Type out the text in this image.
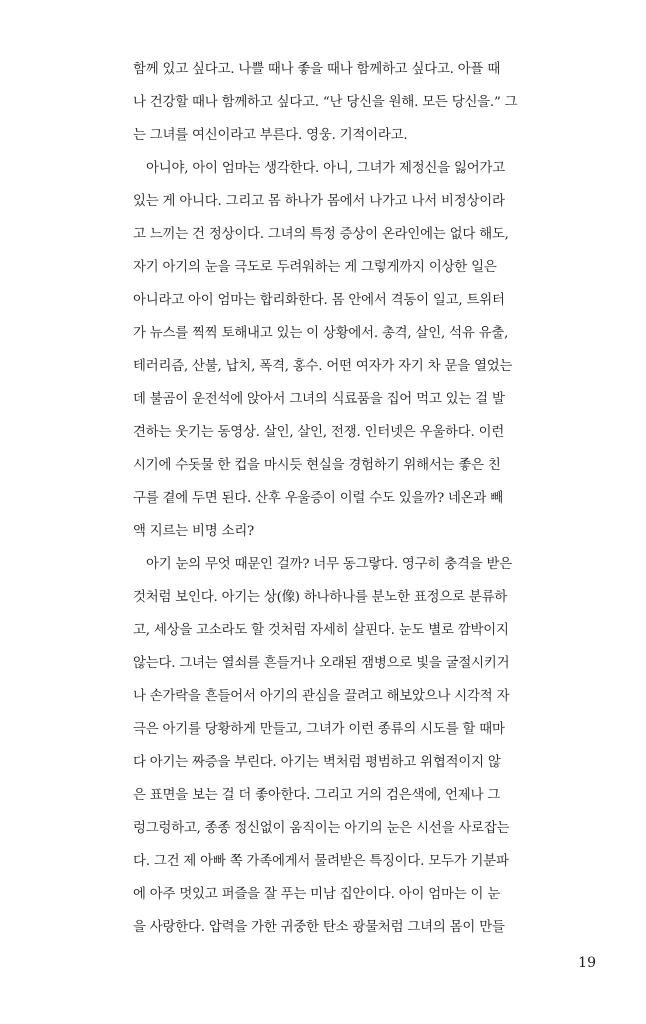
함께 있고 싶다고. 나쁠 때나 좋을 때나 함께하고 싶다고. 아플 때
나 건강할 때나 함께하고 싶다고. “난 당신을 원해. 모든 당신을.” 그
는 그녀를 여신이라고 부른다. 영웅. 기적이라고.
아니야, 아이 엄마는 생각한다. 아니, 그녀가 제정신을 잃어가고
있는 게 아니다. 그리고 몸 하나가 몸에서 나가고 나서 비정상이라
고 느끼는 건 정상이다. 그녀의 특정 증상이 온라인에는 없다 해도,
자기 아기의 눈을 극도로 두려워하는 게 그렇게까지 이상한 일은
아니라고 아이 엄마는 합리화한다. 몸 안에서 격동이 일고, 트위터
가 뉴스를 찍찍 토해내고 있는 이 상황에서. 총격, 살인, 석유 유출,
테러리즘, 산불, 납치, 폭격, 홍수. 어떤 여자가 자기 차 문을 열었는
데 불곰이 운전석에 앉아서 그녀의 식료품을 집어 먹고 있는 걸 발
견하는 웃기는 동영상. 살인, 살인, 전쟁. 인터넷은 우울하다. 이런
시기에 수돗물 한 컵을 마시듯 현실을 경험하기 위해서는 좋은 친
구를 곁에 두면 된다. 산후 우울증이 이럴 수도 있을까? 네온과 빼
액 지르는 비명 소리?
아기 눈의 무엇 때문인 걸까? 너무 동그랗다. 영구히 충격을 받은
것처럼 보인다. 아기는 상(像) 하나하나를 분노한 표정으로 분류하
고, 세상을 고소라도 할 것처럼 자세히 살핀다. 눈도 별로 깜박이지
않는다. 그녀는 열쇠를 흔들거나 오래된 잼병으로 빛을 굴절시키거
나 손가락을 흔들어서 아기의 관심을 끌려고 해보았으나 시각적 자
극은 아기를 당황하게 만들고, 그녀가 이런 종류의 시도를 할 때마
다 아기는 짜증을 부린다. 아기는 벽처럼 평범하고 위협적이지 않
은 표면을 보는 걸 더 좋아한다. 그리고 거의 검은색에, 언제나 그
렁그렁하고, 종종 정신없이 움직이는 아기의 눈은 시선을 사로잡는
다. 그건 제 아빠 쪽 가족에게서 물려받은 특징이다. 모두가 기분파
에 아주 멋있고 퍼즐을 잘 푸는 미남 집안이다. 아이 엄마는 이 눈
을 사랑한다. 압력을 가한 귀중한 탄소 광물처럼 그녀의 몸이 만들
19
